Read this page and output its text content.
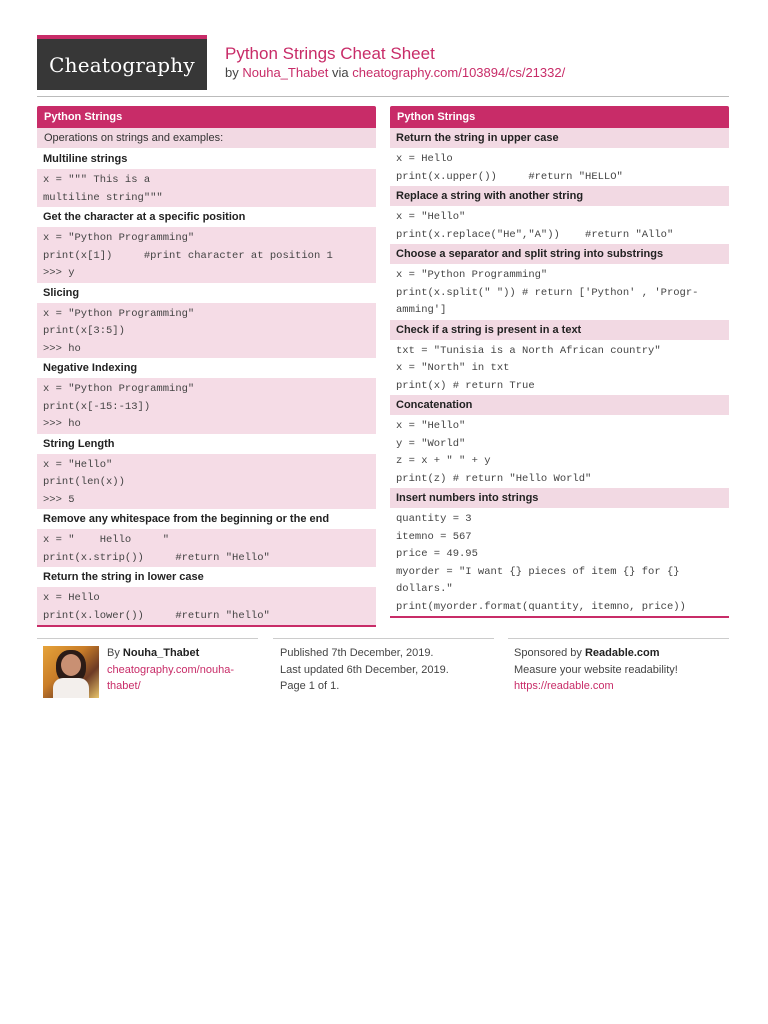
Cheatography Python Strings Cheat Sheet
by Nouha_Thabet via cheatography.com/103894/cs/21332/
Python Strings
Operations on strings and examples:
Multiline strings
x = """ This is a
multiline string"""
Get the character at a specific position
x = "Python Programming"
print(x[1])     #print character at position 1
>>> y
Slicing
x = "Python Programming"
print(x[3:5])
>>> ho
Negative Indexing
x = "Python Programming"
print(x[-15:-13])
>>> ho
String Length
x = "Hello"
print(len(x))
>>> 5
Remove any whitespace from the beginning or the end
x = "    Hello     "
print(x.strip())     #return "Hello"
Return the string in lower case
x = Hello
print(x.lower())     #return "hello"
Python Strings
Return the string in upper case
x = Hello
print(x.upper())     #return "HELLO"
Replace a string with another string
x = "Hello"
print(x.replace("He","A"))    #return "Allo"
Choose a separator and split string into substrings
x = "Python Programming"
print(x.split(" ")) # return ['Python' , 'Progr-
amming']
Check if a string is present in a text
txt = "Tunisia is a North African country"
x = "North" in txt
print(x) # return True
Concatenation
x = "Hello"
y = "World"
z = x + " " + y
print(z) # return "Hello World"
Insert numbers into strings
quantity = 3
itemno = 567
price = 49.95
myorder = "I want {} pieces of item {} for {}
dollars."
print(myorder.format(quantity, itemno, price))
By Nouha_Thabet
cheatography.com/nouha-
thabet/
Published 7th December, 2019.
Last updated 6th December, 2019.
Page 1 of 1.
Sponsored by Readable.com
Measure your website readability!
https://readable.com
